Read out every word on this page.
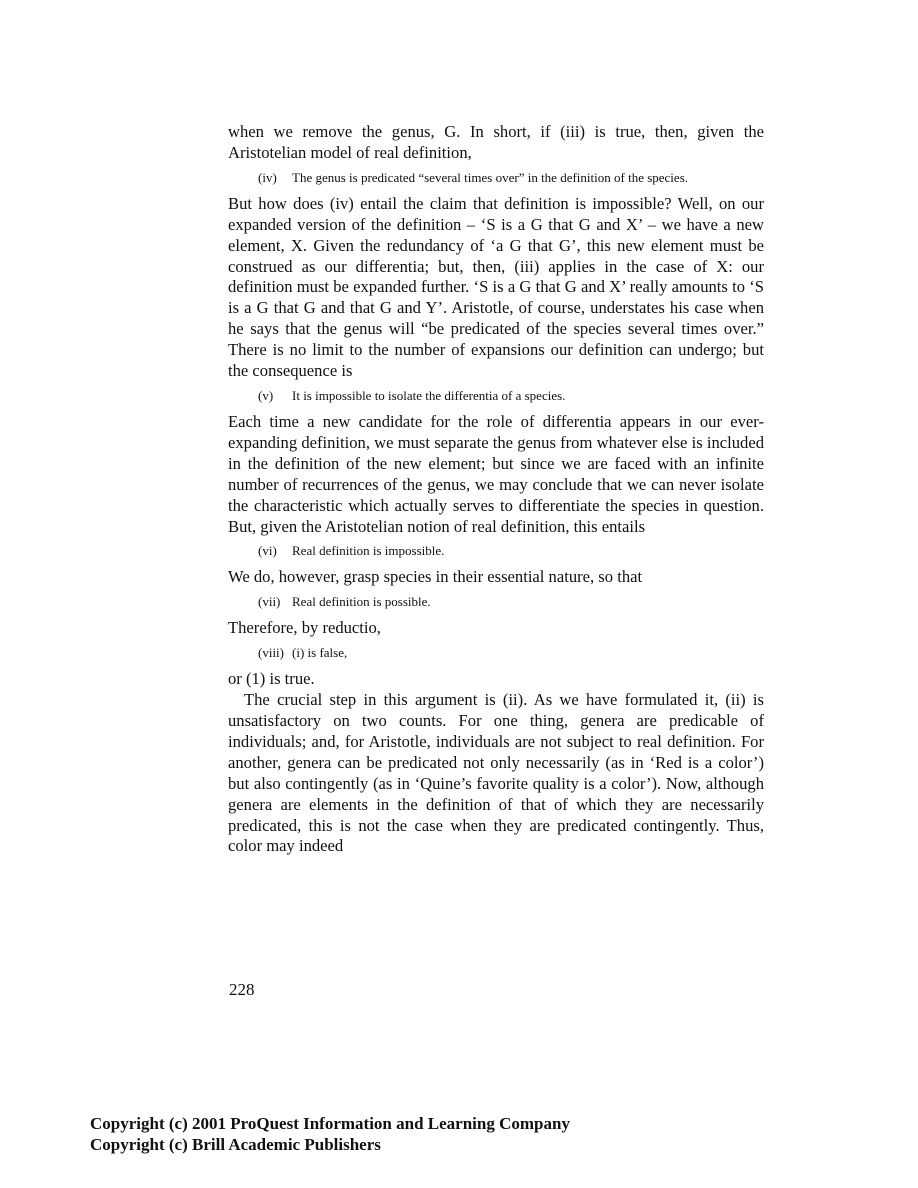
when we remove the genus, G. In short, if (iii) is true, then, given the Aristotelian model of real definition,

(iv) The genus is predicated “several times over” in the definition of the species.

But how does (iv) entail the claim that definition is impossible? Well, on our expanded version of the definition – ‘S is a G that G and X’ – we have a new element, X. Given the redundancy of ‘a G that G’, this new element must be construed as our differentia; but, then, (iii) applies in the case of X: our definition must be expanded further. ‘S is a G that G and X’ really amounts to ‘S is a G that G and that G and Y’. Aristotle, of course, understates his case when he says that the genus will “be predicated of the species several times over.” There is no limit to the number of expansions our definition can undergo; but the consequence is

(v) It is impossible to isolate the differentia of a species.

Each time a new candidate for the role of differentia appears in our ever-expanding definition, we must separate the genus from whatever else is included in the definition of the new element; but since we are faced with an infinite number of recurrences of the genus, we may conclude that we can never isolate the characteristic which actually serves to differentiate the species in question. But, given the Aristotelian notion of real definition, this entails

(vi) Real definition is impossible.

We do, however, grasp species in their essential nature, so that

(vii) Real definition is possible.

Therefore, by reductio,

(viii) (i) is false,

or (1) is true.

The crucial step in this argument is (ii). As we have formulated it, (ii) is unsatisfactory on two counts. For one thing, genera are predicable of individuals; and, for Aristotle, individuals are not subject to real definition. For another, genera can be predicated not only necessarily (as in ‘Red is a color’) but also contingently (as in ‘Quine’s favorite quality is a color’). Now, although genera are elements in the definition of that of which they are necessarily predicated, this is not the case when they are predicated contingently. Thus, color may indeed

228
Copyright (c) 2001 ProQuest Information and Learning Company
Copyright (c) Brill Academic Publishers
